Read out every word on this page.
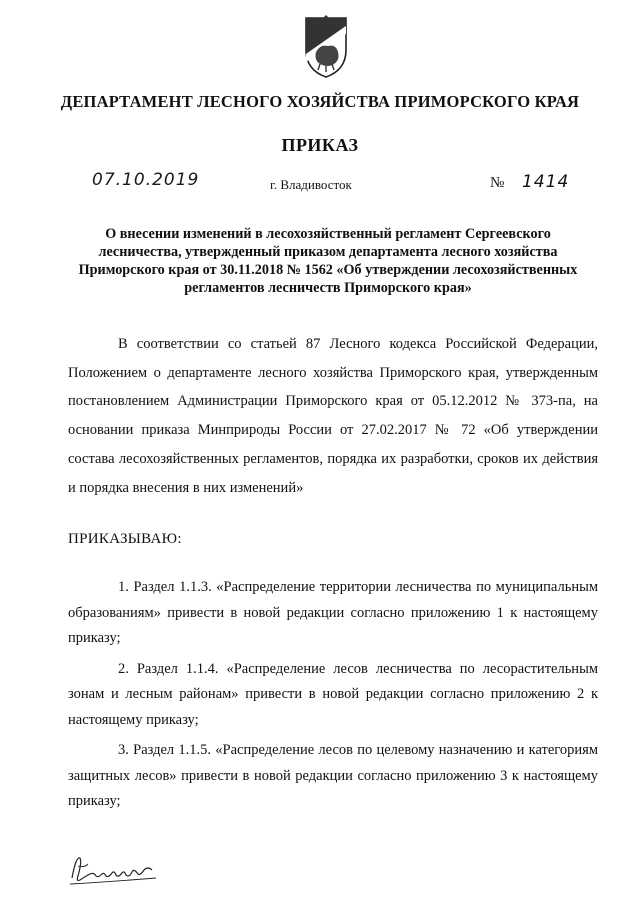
ДЕПАРТАМЕНТ ЛЕСНОГО ХОЗЯЙСТВА ПРИМОРСКОГО КРАЯ
ПРИКАЗ
07.10.2019	г. Владивосток	№ 1414
О внесении изменений в лесохозяйственный регламент Сергеевского лесничества, утвержденный приказом департамента лесного хозяйства Приморского края от 30.11.2018 № 1562 «Об утверждении лесохозяйственных регламентов лесничеств Приморского края»
В соответствии со статьей 87 Лесного кодекса Российской Федерации, Положением о департаменте лесного хозяйства Приморского края, утвержденным постановлением Администрации Приморского края от 05.12.2012 № 373-па, на основании приказа Минприроды России от 27.02.2017 № 72 «Об утверждении состава лесохозяйственных регламентов, порядка их разработки, сроков их действия и порядка внесения в них изменений»
ПРИКАЗЫВАЮ:

1. Раздел 1.1.3. «Распределение территории лесничества по муниципальным образованиям» привести в новой редакции согласно приложению 1 к настоящему приказу;

2. Раздел 1.1.4. «Распределение лесов лесничества по лесорастительным зонам и лесным районам» привести в новой редакции согласно приложению 2 к настоящему приказу;

3. Раздел 1.1.5. «Распределение лесов по целевому назначению и категориям защитных лесов» привести в новой редакции согласно приложению 3 к настоящему приказу;
